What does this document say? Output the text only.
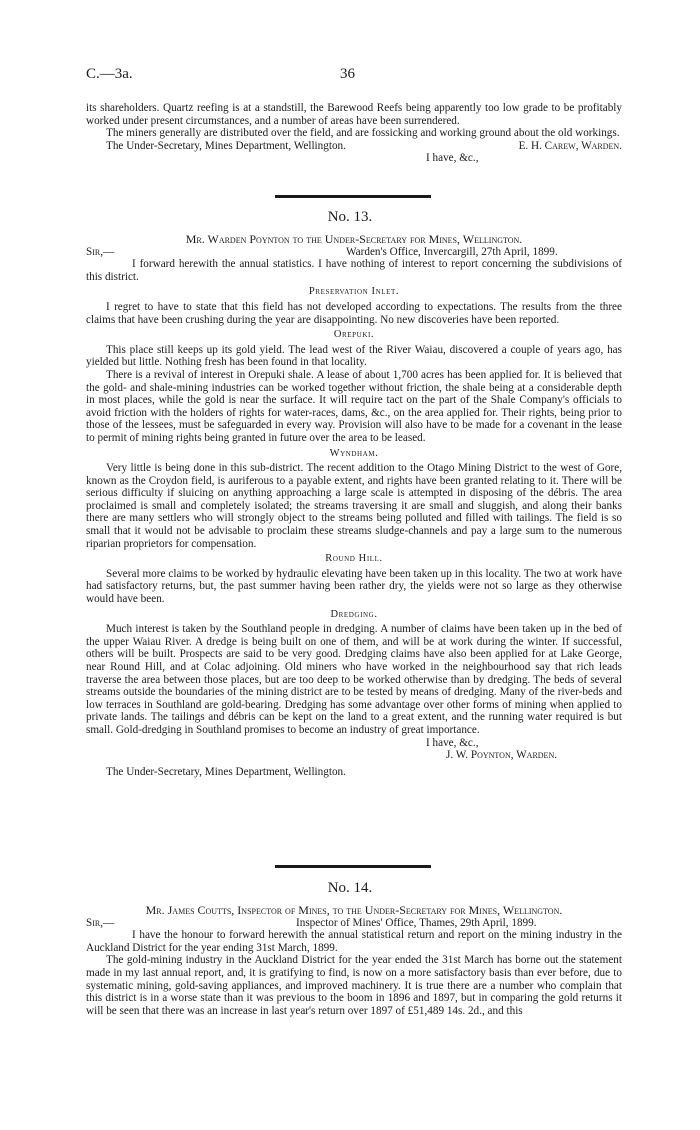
C.—3a.	36

its shareholders. Quartz reefing is at a standstill, the Barewood Reefs being apparently too low grade to be profitably worked under present circumstances, and a number of areas have been surrendered.

The miners generally are distributed over the field, and are fossicking and working ground about the old workings.

The Under-Secretary, Mines Department, Wellington.	E. H. Carew, Warden.

I have, &c.,
No. 13.

Mr. Warden Poynton to the Under-Secretary for Mines, Wellington.

Sir,—	Warden's Office, Invercargill, 27th April, 1899.

I forward herewith the annual statistics. I have nothing of interest to report concerning the subdivisions of this district.

Preservation Inlet.

I regret to have to state that this field has not developed according to expectations. The results from the three claims that have been crushing during the year are disappointing. No new discoveries have been reported.

Orepuki.

This place still keeps up its gold yield. The lead west of the River Waiau, discovered a couple of years ago, has yielded but little. Nothing fresh has been found in that locality.

There is a revival of interest in Orepuki shale. A lease of about 1,700 acres has been applied for. It is believed that the gold- and shale-mining industries can be worked together without friction, the shale being at a considerable depth in most places, while the gold is near the surface. It will require tact on the part of the Shale Company's officials to avoid friction with the holders of rights for water-races, dams, &c., on the area applied for. Their rights, being prior to those of the lessees, must be safeguarded in every way. Provision will also have to be made for a covenant in the lease to permit of mining rights being granted in future over the area to be leased.

Wyndham.

Very little is being done in this sub-district. The recent addition to the Otago Mining District to the west of Gore, known as the Croydon field, is auriferous to a payable extent, and rights have been granted relating to it. There will be serious difficulty if sluicing on anything approaching a large scale is attempted in disposing of the débris. The area proclaimed is small and completely isolated; the streams traversing it are small and sluggish, and along their banks there are many settlers who will strongly object to the streams being polluted and filled with tailings. The field is so small that it would not be advisable to proclaim these streams sludge-channels and pay a large sum to the numerous riparian proprietors for compensation.

Round Hill.

Several more claims to be worked by hydraulic elevating have been taken up in this locality. The two at work have had satisfactory returns, but, the past summer having been rather dry, the yields were not so large as they otherwise would have been.

Dredging.

Much interest is taken by the Southland people in dredging. A number of claims have been taken up in the bed of the upper Waiau River. A dredge is being built on one of them, and will be at work during the winter. If successful, others will be built. Prospects are said to be very good. Dredging claims have also been applied for at Lake George, near Round Hill, and at Colac adjoining. Old miners who have worked in the neighbourhood say that rich leads traverse the area between those places, but are too deep to be worked otherwise than by dredging. The beds of several streams outside the boundaries of the mining district are to be tested by means of dredging. Many of the river-beds and low terraces in Southland are gold-bearing. Dredging has some advantage over other forms of mining when applied to private lands. The tailings and débris can be kept on the land to a great extent, and the running water required is but small. Gold-dredging in Southland promises to become an industry of great importance.

I have, &c.,

J. W. Poynton, Warden.

The Under-Secretary, Mines Department, Wellington.

No. 14.

Mr. James Coutts, Inspector of Mines, to the Under-Secretary for Mines, Wellington.

Sir,—	Inspector of Mines' Office, Thames, 29th April, 1899.

I have the honour to forward herewith the annual statistical return and report on the mining industry in the Auckland District for the year ending 31st March, 1899.

The gold-mining industry in the Auckland District for the year ended the 31st March has borne out the statement made in my last annual report, and, it is gratifying to find, is now on a more satisfactory basis than ever before, due to systematic mining, gold-saving appliances, and improved machinery. It is true there are a number who complain that this district is in a worse state than it was previous to the boom in 1896 and 1897, but in comparing the gold returns it will be seen that there was an increase in last year's return over 1897 of £51,489 14s. 2d., and this
